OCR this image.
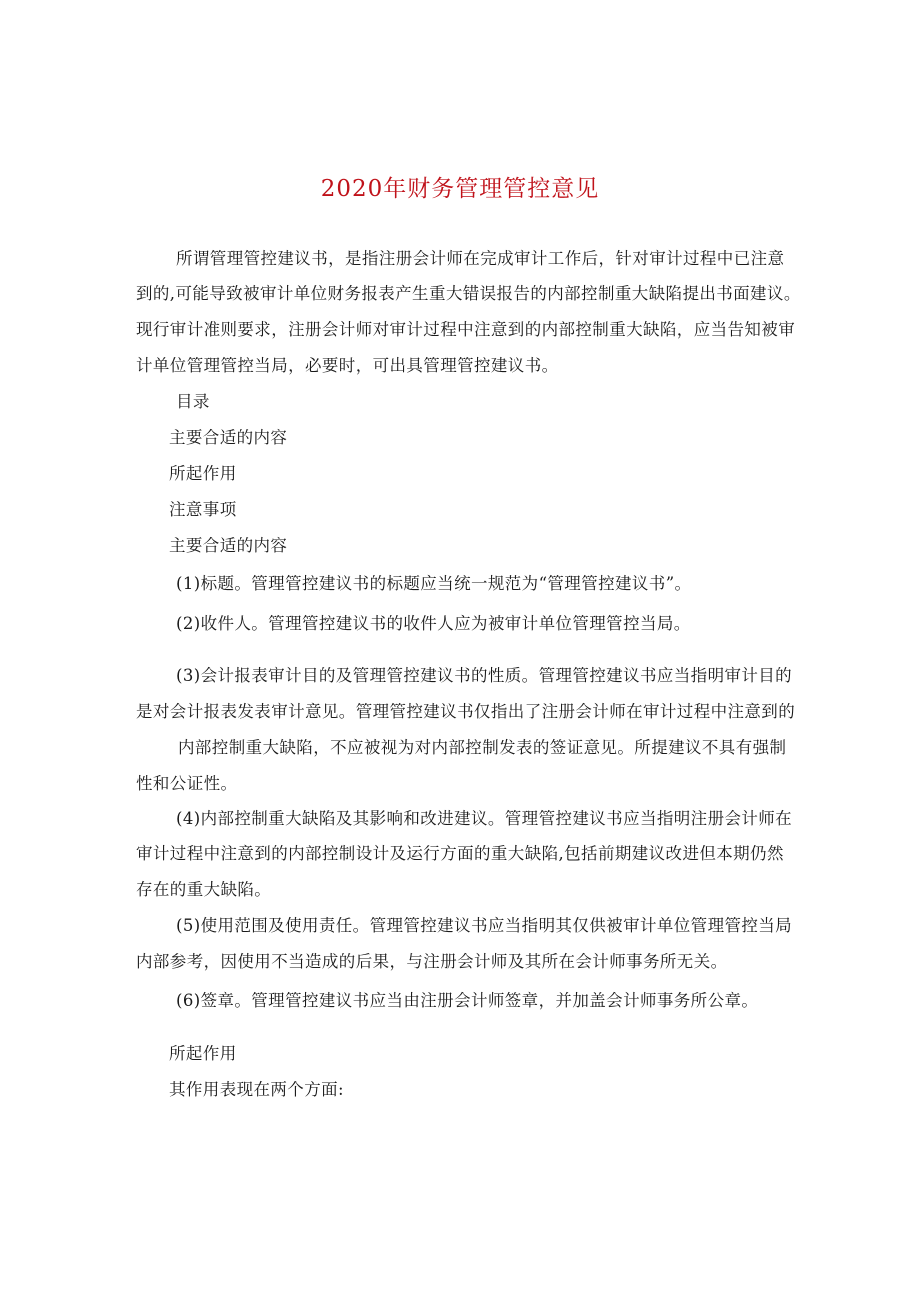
2020年财务管理管控意见

所谓管理管控建议书，是指注册会计师在完成审计工作后，针对审计过程中已注意

到的,可能导致被审计单位财务报表产生重大错误报告的内部控制重大缺陷提出书面建议。

现行审计准则要求，注册会计师对审计过程中注意到的内部控制重大缺陷，应当告知被审

计单位管理管控当局，必要时，可出具管理管控建议书。

目录

主要合适的内容

所起作用

注意事项

主要合适的内容

(1)标题。管理管控建议书的标题应当统一规范为“管理管控建议书”。

(2)收件人。管理管控建议书的收件人应为被审计单位管理管控当局。

(3)会计报表审计目的及管理管控建议书的性质。管理管控建议书应当指明审计目的

是对会计报表发表审计意见。管理管控建议书仅指出了注册会计师在审计过程中注意到的

内部控制重大缺陷，不应被视为对内部控制发表的签证意见。所提建议不具有强制

性和公证性。

(4)内部控制重大缺陷及其影响和改进建议。管理管控建议书应当指明注册会计师在

审计过程中注意到的内部控制设计及运行方面的重大缺陷,包括前期建议改进但本期仍然

存在的重大缺陷。

(5)使用范围及使用责任。管理管控建议书应当指明其仅供被审计单位管理管控当局

内部参考，因使用不当造成的后果，与注册会计师及其所在会计师事务所无关。

(6)签章。管理管控建议书应当由注册会计师签章，并加盖会计师事务所公章。

所起作用

其作用表现在两个方面:
